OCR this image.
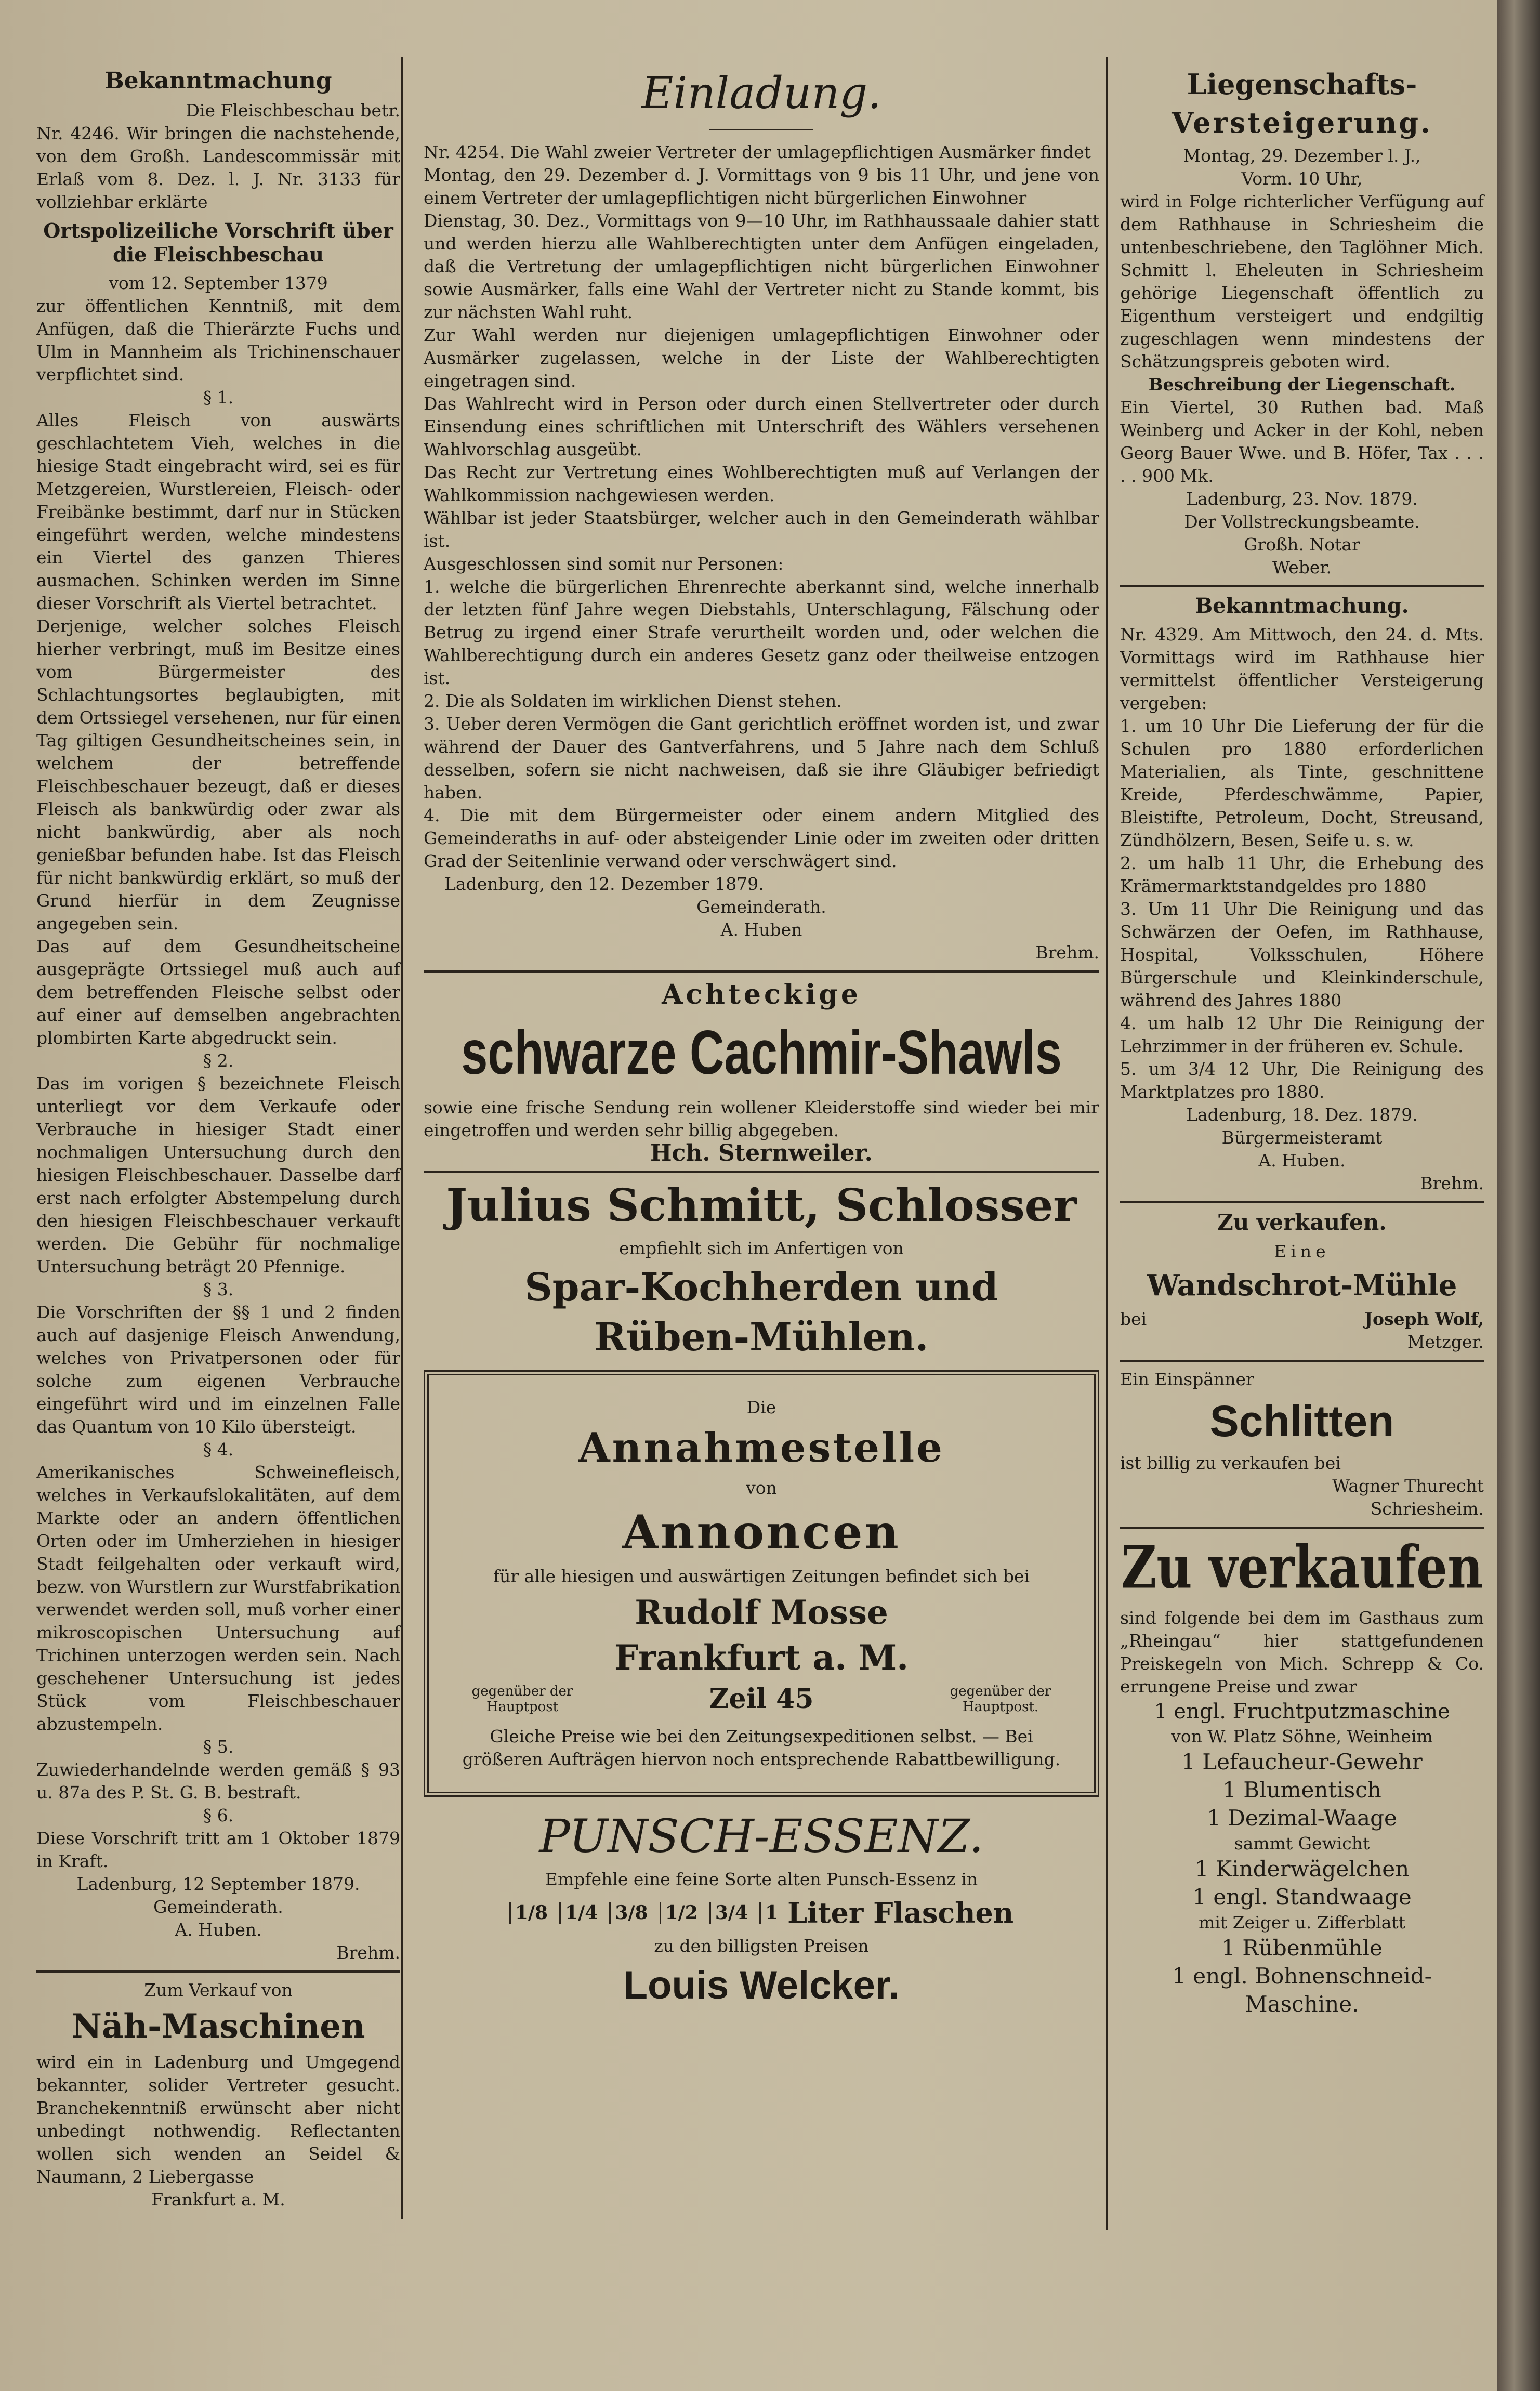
Bekanntmachung

Die Fleischbeschau betr.

Nr. 4246. Wir bringen die nachstehende, von dem Großh. Landescommissär mit Erlaß vom 8. Dez. l. J. Nr. 3133 für vollziehbar erklärte

Ortspolizeiliche Vorschrift über die Fleischbeschau

vom 12. September 1379

zur öffentlichen Kenntniß, mit dem Anfügen, daß die Thierärzte Fuchs und Ulm in Mannheim als Trichinenschauer verpflichtet sind.

§ 1.

Alles Fleisch von auswärts geschlachtetem Vieh, welches in die hiesige Stadt eingebracht wird, sei es für Metzgereien, Wurstlereien, Fleisch- oder Freibänke bestimmt, darf nur in Stücken eingeführt werden, welche mindestens ein Viertel des ganzen Thieres ausmachen. Schinken werden im Sinne dieser Vorschrift als Viertel betrachtet.

Derjenige, welcher solches Fleisch hierher verbringt, muß im Besitze eines vom Bürgermeister des Schlachtungsortes beglaubigten, mit dem Ortssiegel versehenen, nur für einen Tag giltigen Gesundheitscheines sein, in welchem der betreffende Fleischbeschauer bezeugt, daß er dieses Fleisch als bankwürdig oder zwar als nicht bankwürdig, aber als noch genießbar befunden habe. Ist das Fleisch für nicht bankwürdig erklärt, so muß der Grund hierfür in dem Zeugnisse angegeben sein.

Das auf dem Gesundheitscheine ausgeprägte Ortssiegel muß auch auf dem betreffenden Fleische selbst oder auf einer auf demselben angebrachten plombirten Karte abgedruckt sein.

§ 2.

Das im vorigen § bezeichnete Fleisch unterliegt vor dem Verkaufe oder Verbrauche in hiesiger Stadt einer nochmaligen Untersuchung durch den hiesigen Fleischbeschauer. Dasselbe darf erst nach erfolgter Abstempelung durch den hiesigen Fleischbeschauer verkauft werden. Die Gebühr für nochmalige Untersuchung beträgt 20 Pfennige.

§ 3.

Die Vorschriften der §§ 1 und 2 finden auch auf dasjenige Fleisch Anwendung, welches von Privatpersonen oder für solche zum eigenen Verbrauche eingeführt wird und im einzelnen Falle das Quantum von 10 Kilo übersteigt.

§ 4.

Amerikanisches Schweinefleisch, welches in Verkaufslokalitäten, auf dem Markte oder an andern öffentlichen Orten oder im Umherziehen in hiesiger Stadt feilgehalten oder verkauft wird, bezw. von Wurstlern zur Wurstfabrikation verwendet werden soll, muß vorher einer mikroscopischen Untersuchung auf Trichinen unterzogen werden sein. Nach geschehener Untersuchung ist jedes Stück vom Fleischbeschauer abzustempeln.

§ 5.

Zuwiederhandelnde werden gemäß § 93 u. 87a des P. St. G. B. bestraft.

§ 6.

Diese Vorschrift tritt am 1 Oktober 1879 in Kraft.

Ladenburg, 12 September 1879.

Gemeinderath.

A. Huben.

Brehm.

Zum Verkauf von

Näh-Maschinen

wird ein in Ladenburg und Umgegend bekannter, solider Vertreter gesucht. Branchekenntniß erwünscht aber nicht unbedingt nothwendig. Reflectanten wollen sich wenden an Seidel & Naumann, 2 Liebergasse

Frankfurt a. M.

Einladung.

Nr. 4254. Die Wahl zweier Vertreter der umlagepflichtigen Ausmärker findet

Montag, den 29. Dezember d. J. Vormittags von 9 bis 11 Uhr, und jene von einem Vertreter der umlagepflichtigen nicht bürgerlichen Einwohner

Dienstag, 30. Dez., Vormittags von 9—10 Uhr, im Rathhaussaale dahier statt und werden hierzu alle Wahlberechtigten unter dem Anfügen eingeladen, daß die Vertretung der umlagepflichtigen nicht bürgerlichen Einwohner sowie Ausmärker, falls eine Wahl der Vertreter nicht zu Stande kommt, bis zur nächsten Wahl ruht.

Zur Wahl werden nur diejenigen umlagepflichtigen Einwohner oder Ausmärker zugelassen, welche in der Liste der Wahlberechtigten eingetragen sind.

Das Wahlrecht wird in Person oder durch einen Stellvertreter oder durch Einsendung eines schriftlichen mit Unterschrift des Wählers versehenen Wahlvorschlag ausgeübt.

Das Recht zur Vertretung eines Wohlberechtigten muß auf Verlangen der Wahlkommission nachgewiesen werden.

Wählbar ist jeder Staatsbürger, welcher auch in den Gemeinderath wählbar ist.

Ausgeschlossen sind somit nur Personen:

1. welche die bürgerlichen Ehrenrechte aberkannt sind, welche innerhalb der letzten fünf Jahre wegen Diebstahls, Unterschlagung, Fälschung oder Betrug zu irgend einer Strafe verurtheilt worden und, oder welchen die Wahlberechtigung durch ein anderes Gesetz ganz oder theilweise entzogen ist.

2. Die als Soldaten im wirklichen Dienst stehen.

3. Ueber deren Vermögen die Gant gerichtlich eröffnet worden ist, und zwar während der Dauer des Gantverfahrens, und 5 Jahre nach dem Schluß desselben, sofern sie nicht nachweisen, daß sie ihre Gläubiger befriedigt haben.

4. Die mit dem Bürgermeister oder einem andern Mitglied des Gemeinderaths in auf- oder absteigender Linie oder im zweiten oder dritten Grad der Seitenlinie verwand oder verschwägert sind.

Ladenburg, den 12. Dezember 1879.

Gemeinderath.

A. Huben

Brehm.

Achteckige
schwarze Cachmir-Shawls

sowie eine frische Sendung rein wollener Kleiderstoffe sind wieder bei mir eingetroffen und werden sehr billig abgegeben.

Hch. Sternweiler.

Julius Schmitt, Schlosser

empfiehlt sich im Anfertigen von

Spar-Kochherden und
Rüben-Mühlen.

Die

Annahmestelle

von

Annoncen

für alle hiesigen und auswärtigen Zeitungen befindet sich bei

Rudolf Mosse
Frankfurt a. M.
gegenüber der Hauptpost	Zeil 45	gegenüber der Hauptpost.

Gleiche Preise wie bei den Zeitungsexpeditionen selbst. — Bei größeren Aufträgen hiervon noch entsprechende Rabattbewilligung.

PUNSCH-ESSENZ.

Empfehle eine feine Sorte alten Punsch-Essenz in

1/8 1/4 3/8 1/2 3/4 1 Liter Flaschen

zu den billigsten Preisen

Louis Welcker.
Liegenschafts-
Versteigerung.

Montag, 29. Dezember l. J.,

Vorm. 10 Uhr,

wird in Folge richterlicher Verfügung auf dem Rathhause in Schriesheim die untenbeschriebene, den Taglöhner Mich. Schmitt l. Eheleuten in Schriesheim gehörige Liegenschaft öffentlich zu Eigenthum versteigert und endgiltig zugeschlagen wenn mindestens der Schätzungspreis geboten wird.

Beschreibung der Liegenschaft.

Ein Viertel, 30 Ruthen bad. Maß Weinberg und Acker in der Kohl, neben Georg Bauer Wwe. und B. Höfer, Tax . . . . . 900 Mk.

Ladenburg, 23. Nov. 1879.

Der Vollstreckungsbeamte.

Großh. Notar

Weber.

Bekanntmachung.

Nr. 4329. Am Mittwoch, den 24. d. Mts. Vormittags wird im Rathhause hier vermittelst öffentlicher Versteigerung vergeben:

1. um 10 Uhr Die Lieferung der für die Schulen pro 1880 erforderlichen Materialien, als Tinte, geschnittene Kreide, Pferdeschwämme, Papier, Bleistifte, Petroleum, Docht, Streusand, Zündhölzern, Besen, Seife u. s. w.

2. um halb 11 Uhr, die Erhebung des Krämermarktstandgeldes pro 1880

3. Um 11 Uhr Die Reinigung und das Schwärzen der Oefen, im Rathhause, Hospital, Volksschulen, Höhere Bürgerschule und Kleinkinderschule, während des Jahres 1880

4. um halb 12 Uhr Die Reinigung der Lehrzimmer in der früheren ev. Schule.

5. um 3/4 12 Uhr, Die Reinigung des Marktplatzes pro 1880.

Ladenburg, 18. Dez. 1879.

Bürgermeisteramt

A. Huben.

Brehm.

Zu verkaufen.

Eine

Wandschrot-Mühle
bei	Joseph Wolf,

Metzger.

Ein Einspänner

Schlitten

ist billig zu verkaufen bei

Wagner Thurecht

Schriesheim.

Zu verkaufen

sind folgende bei dem im Gasthaus zum „Rheingau“ hier stattgefundenen Preiskegeln von Mich. Schrepp & Co. errungene Preise und zwar

1 engl. Fruchtputzmaschine

von W. Platz Söhne, Weinheim

1 Lefaucheur-Gewehr

1 Blumentisch

1 Dezimal-Waage

sammt Gewicht

1 Kinderwägelchen

1 engl. Standwaage

mit Zeiger u. Zifferblatt

1 Rübenmühle

1 engl. Bohnenschneid-

Maschine.
